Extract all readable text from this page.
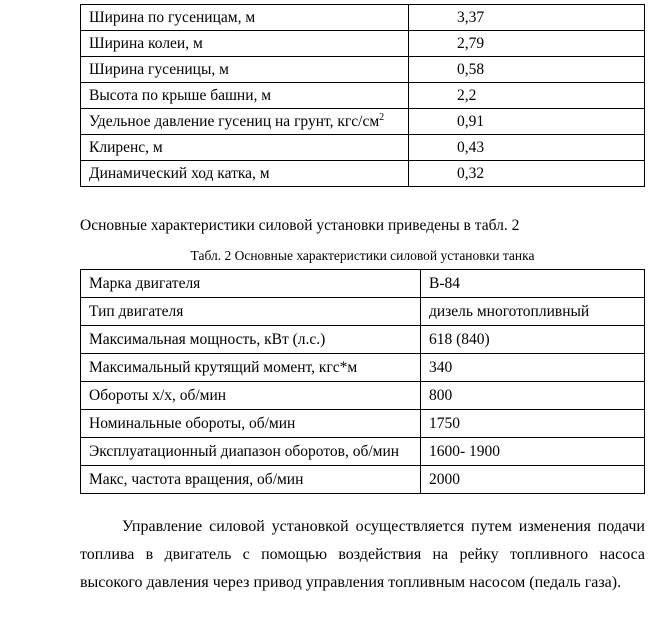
Ширина по гусеницам, м	3,37
Ширина колеи, м	2,79
Ширина гусеницы, м	0,58
Высота по крыше башни, м	2,2
Удельное давление гусениц на грунт, кгс/$см^2$	0,91
Клиренс, м	0,43
Динамический ход катка, м	0,32

Основные характеристики силовой установки приведены в табл. 2

Табл. 2 Основные характеристики силовой установки танка

Марка двигателя	В-84
Тип двигателя	дизель многотопливный
Максимальная мощность, кВт (л.с.)	618 (840)
Максимальный крутящий момент, кгс*м	340
Обороты х/х, об/мин	800
Номинальные обороты, об/мин	1750
Эксплуатационный диапазон оборотов, об/мин	1600- 1900
Макс, частота вращения, об/мин	2000

Управление силовой установкой осуществляется путем изменения подачи топлива в двигатель с помощью воздействия на рейку топливного насоса высокого давления через привод управления топливным насосом (педаль газа).
